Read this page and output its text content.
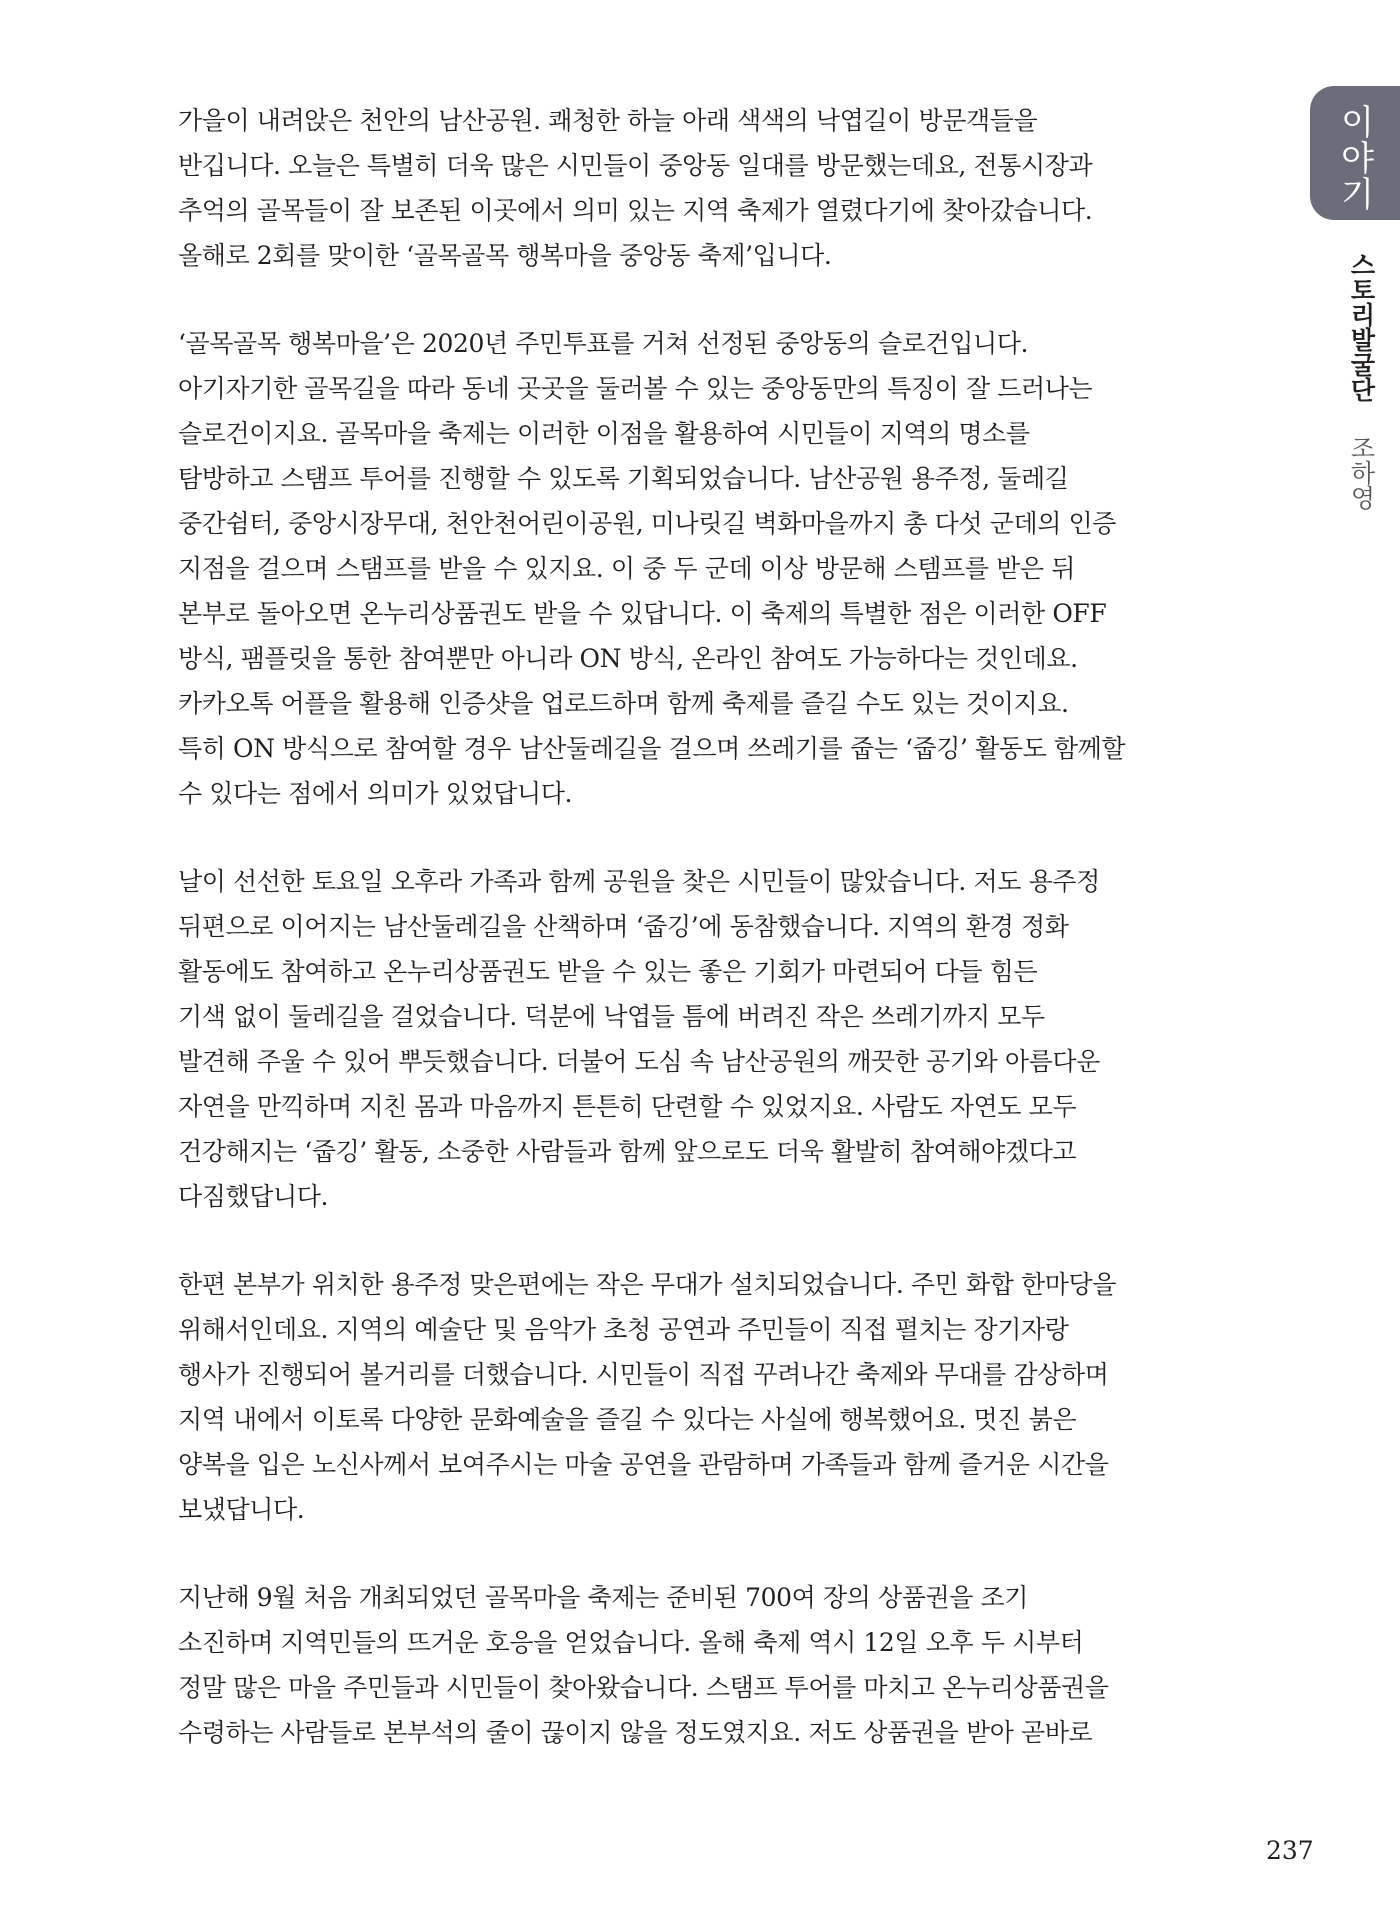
이야기
스토리발굴단 조하영
가을이 내려앉은 천안의 남산공원. 쾌청한 하늘 아래 색색의 낙엽길이 방문객들을
반깁니다. 오늘은 특별히 더욱 많은 시민들이 중앙동 일대를 방문했는데요, 전통시장과
추억의 골목들이 잘 보존된 이곳에서 의미 있는 지역 축제가 열렸다기에 찾아갔습니다.
올해로 2회를 맞이한 ‘골목골목 행복마을 중앙동 축제’입니다.
‘골목골목 행복마을’은 2020년 주민투표를 거쳐 선정된 중앙동의 슬로건입니다.
아기자기한 골목길을 따라 동네 곳곳을 둘러볼 수 있는 중앙동만의 특징이 잘 드러나는
슬로건이지요. 골목마을 축제는 이러한 이점을 활용하여 시민들이 지역의 명소를
탐방하고 스탬프 투어를 진행할 수 있도록 기획되었습니다. 남산공원 용주정, 둘레길
중간쉼터, 중앙시장무대, 천안천어린이공원, 미나릿길 벽화마을까지 총 다섯 군데의 인증
지점을 걸으며 스탬프를 받을 수 있지요. 이 중 두 군데 이상 방문해 스템프를 받은 뒤
본부로 돌아오면 온누리상품권도 받을 수 있답니다. 이 축제의 특별한 점은 이러한 OFF
방식, 팸플릿을 통한 참여뿐만 아니라 ON 방식, 온라인 참여도 가능하다는 것인데요.
카카오톡 어플을 활용해 인증샷을 업로드하며 함께 축제를 즐길 수도 있는 것이지요.
특히 ON 방식으로 참여할 경우 남산둘레길을 걸으며 쓰레기를 줍는 ‘줍깅’ 활동도 함께할
수 있다는 점에서 의미가 있었답니다.
날이 선선한 토요일 오후라 가족과 함께 공원을 찾은 시민들이 많았습니다. 저도 용주정
뒤편으로 이어지는 남산둘레길을 산책하며 ‘줍깅’에 동참했습니다. 지역의 환경 정화
활동에도 참여하고 온누리상품권도 받을 수 있는 좋은 기회가 마련되어 다들 힘든
기색 없이 둘레길을 걸었습니다. 덕분에 낙엽들 틈에 버려진 작은 쓰레기까지 모두
발견해 주울 수 있어 뿌듯했습니다. 더불어 도심 속 남산공원의 깨끗한 공기와 아름다운
자연을 만끽하며 지친 몸과 마음까지 튼튼히 단련할 수 있었지요. 사람도 자연도 모두
건강해지는 ‘줍깅’ 활동, 소중한 사람들과 함께 앞으로도 더욱 활발히 참여해야겠다고
다짐했답니다.
한편 본부가 위치한 용주정 맞은편에는 작은 무대가 설치되었습니다. 주민 화합 한마당을
위해서인데요. 지역의 예술단 및 음악가 초청 공연과 주민들이 직접 펼치는 장기자랑
행사가 진행되어 볼거리를 더했습니다. 시민들이 직접 꾸려나간 축제와 무대를 감상하며
지역 내에서 이토록 다양한 문화예술을 즐길 수 있다는 사실에 행복했어요. 멋진 붉은
양복을 입은 노신사께서 보여주시는 마술 공연을 관람하며 가족들과 함께 즐거운 시간을
보냈답니다.
지난해 9월 처음 개최되었던 골목마을 축제는 준비된 700여 장의 상품권을 조기
소진하며 지역민들의 뜨거운 호응을 얻었습니다. 올해 축제 역시 12일 오후 두 시부터
정말 많은 마을 주민들과 시민들이 찾아왔습니다. 스탬프 투어를 마치고 온누리상품권을
수령하는 사람들로 본부석의 줄이 끊이지 않을 정도였지요. 저도 상품권을 받아 곧바로
237
